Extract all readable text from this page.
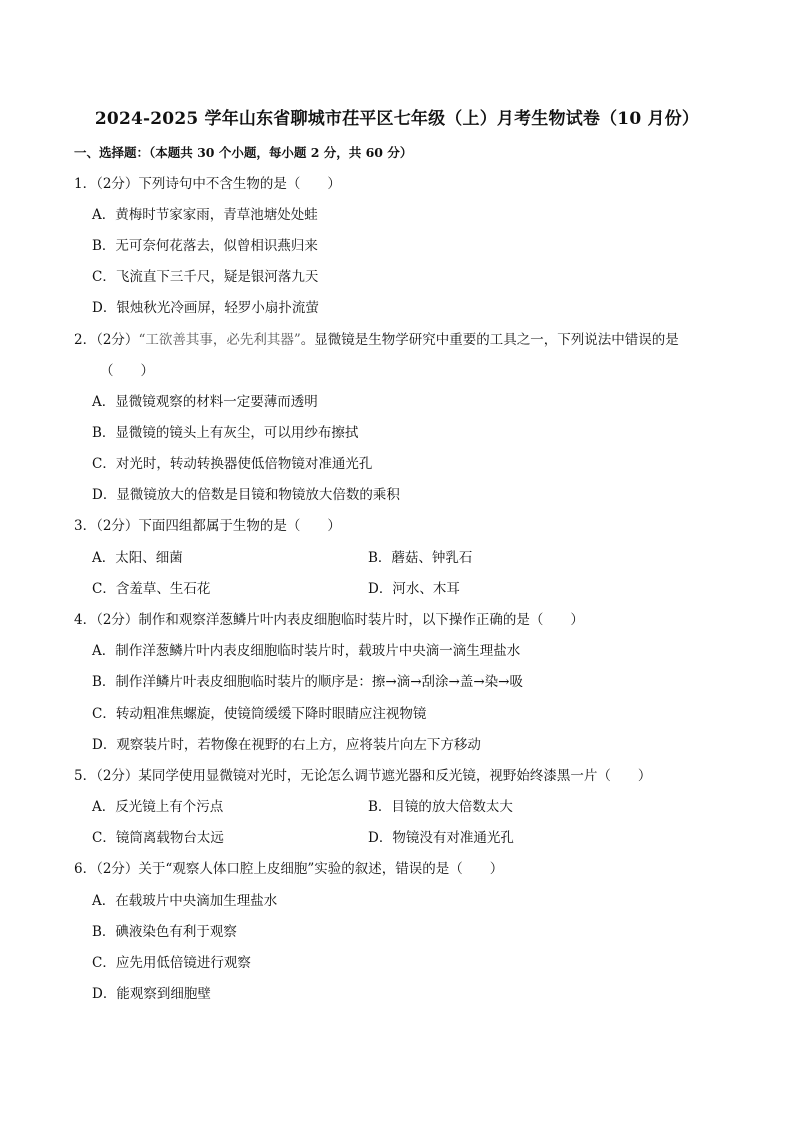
2024-2025 学年山东省聊城市茌平区七年级（上）月考生物试卷（10 月份）
一、选择题：（本题共 30 个小题，每小题 2 分，共 60 分）
1．（2分）下列诗句中不含生物的是（　　）
A．黄梅时节家家雨，青草池塘处处蛙
B．无可奈何花落去，似曾相识燕归来
C．飞流直下三千尺，疑是银河落九天
D．银烛秋光冷画屏，轻罗小扇扑流萤
2．（2分）“工欲善其事，必先利其器”。显微镜是生物学研究中重要的工具之一，下列说法中错误的是
（　　）
A．显微镜观察的材料一定要薄而透明
B．显微镜的镜头上有灰尘，可以用纱布擦拭
C．对光时，转动转换器使低倍物镜对准通光孔
D．显微镜放大的倍数是目镜和物镜放大倍数的乘积
3．（2分）下面四组都属于生物的是（　　）
A．太阳、细菌	B．蘑菇、钟乳石
C．含羞草、生石花	D．河水、木耳
4．（2分）制作和观察洋葱鳞片叶内表皮细胞临时装片时，以下操作正确的是（　　）
A．制作洋葱鳞片叶内表皮细胞临时装片时，载玻片中央滴一滴生理盐水
B．制作洋鳞片叶表皮细胞临时装片的顺序是：擦→滴→刮涂→盖→染→吸
C．转动粗准焦螺旋，使镜筒缓缓下降时眼睛应注视物镜
D．观察装片时，若物像在视野的右上方，应将装片向左下方移动
5．（2分）某同学使用显微镜对光时，无论怎么调节遮光器和反光镜，视野始终漆黑一片（　　）
A．反光镜上有个污点	B．目镜的放大倍数太大
C．镜筒离载物台太远	D．物镜没有对准通光孔
6．（2分）关于“观察人体口腔上皮细胞”实验的叙述，错误的是（　　）
A．在载玻片中央滴加生理盐水
B．碘液染色有利于观察
C．应先用低倍镜进行观察
D．能观察到细胞壁
